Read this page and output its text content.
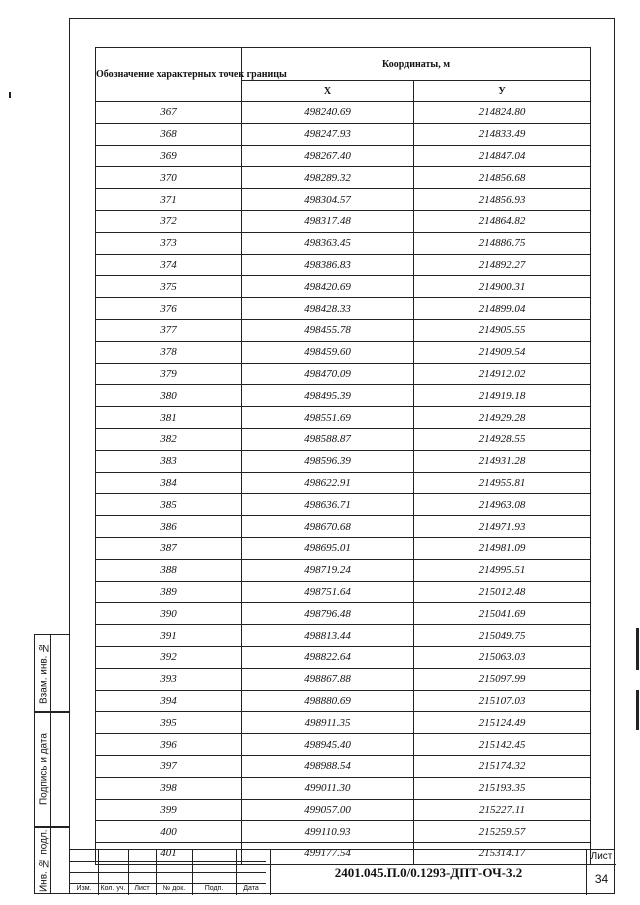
Обозначение характерных точек границы	Координаты, м	
	X	У
367	498240.69	214824.80
368	498247.93	214833.49
369	498267.40	214847.04
370	498289.32	214856.68
371	498304.57	214856.93
372	498317.48	214864.82
373	498363.45	214886.75
374	498386.83	214892.27
375	498420.69	214900.31
376	498428.33	214899.04
377	498455.78	214905.55
378	498459.60	214909.54
379	498470.09	214912.02
380	498495.39	214919.18
381	498551.69	214929.28
382	498588.87	214928.55
383	498596.39	214931.28
384	498622.91	214955.81
385	498636.71	214963.08
386	498670.68	214971.93
387	498695.01	214981.09
388	498719.24	214995.51
389	498751.64	215012.48
390	498796.48	215041.69
391	498813.44	215049.75
392	498822.64	215063.03
393	498867.88	215097.99
394	498880.69	215107.03
395	498911.35	215124.49
396	498945.40	215142.45
397	498988.54	215174.32
398	499011.30	215193.35
399	499057.00	215227.11
400	499110.93	215259.57
401	499177.54	215314.17
Взам. инв. №
Подпись и дата
Инв. № подл.	Изм.	Кол. уч.	Лист	№ док.	Подп.	Дата
2401.045.П.0/0.1293-ДПТ-ОЧ-3.2
Лист
34
